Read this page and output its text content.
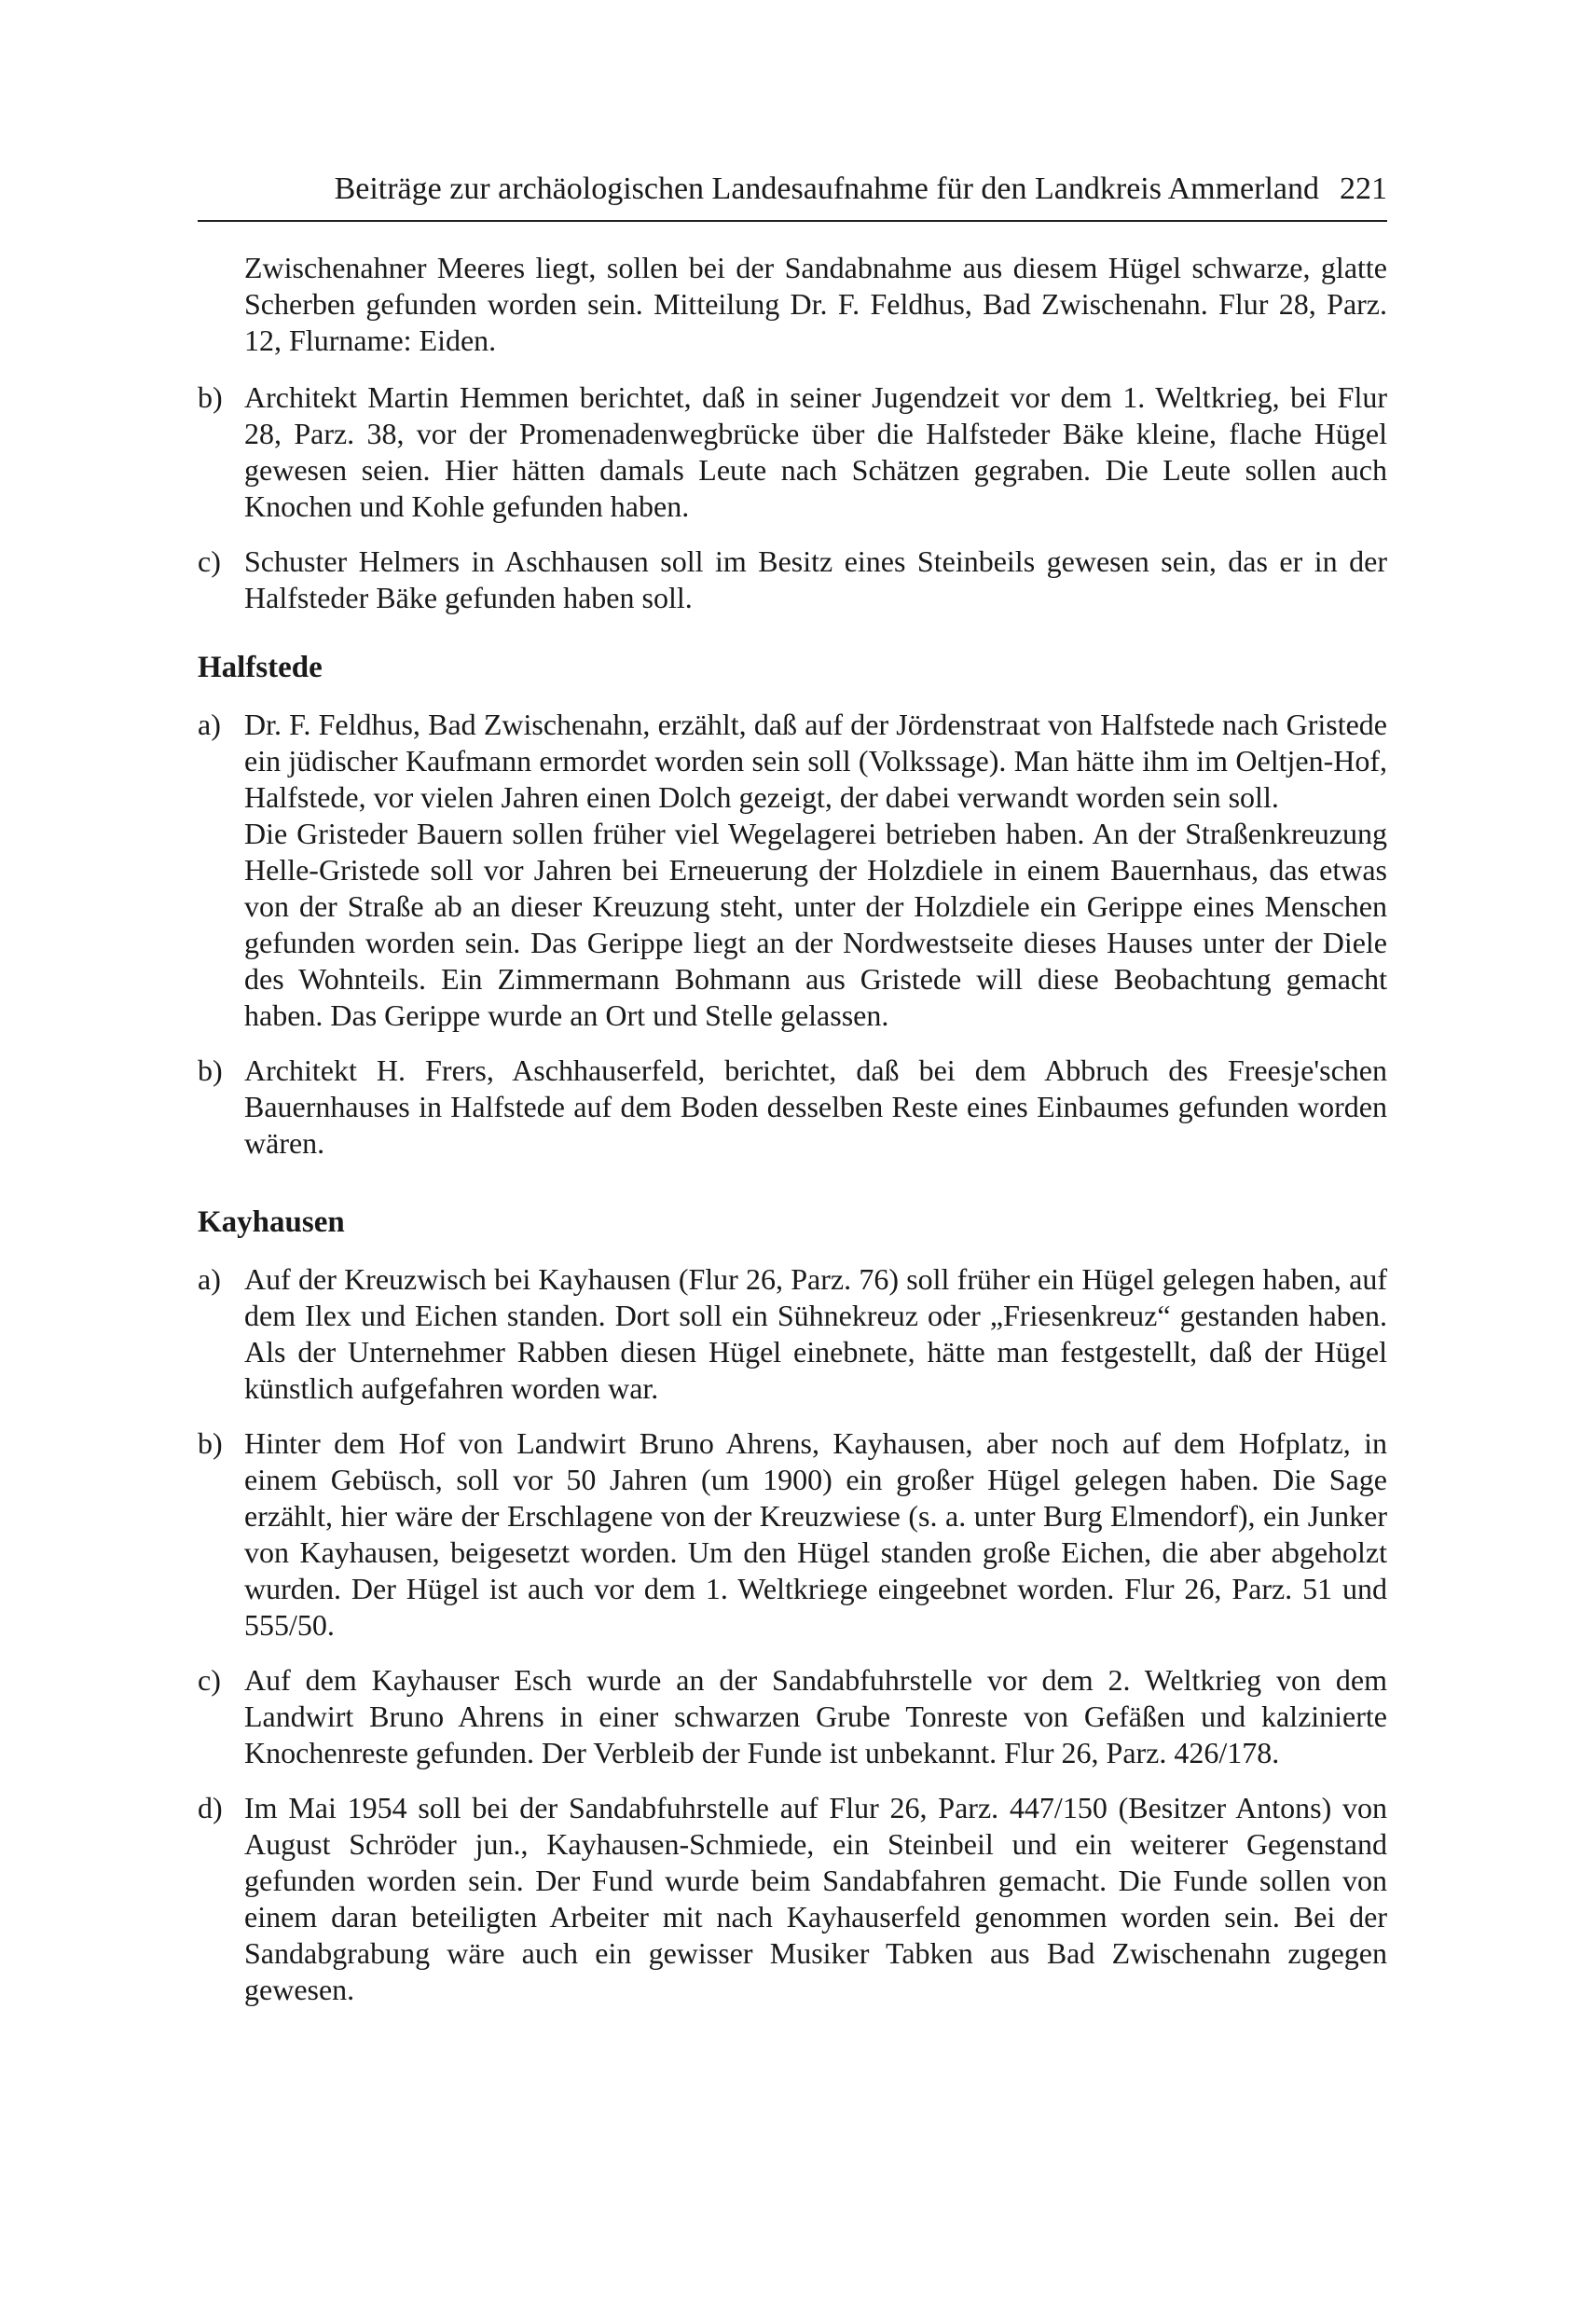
Beiträge zur archäologischen Landesaufnahme für den Landkreis Ammerland 221

Zwischenahner Meeres liegt, sollen bei der Sandabnahme aus diesem Hügel schwarze, glatte Scherben gefunden worden sein. Mitteilung Dr. F. Feldhus, Bad Zwischenahn. Flur 28, Parz. 12, Flurname: Eiden.

b) Architekt Martin Hemmen berichtet, daß in seiner Jugendzeit vor dem 1. Weltkrieg, bei Flur 28, Parz. 38, vor der Promenadenwegbrücke über die Halfsteder Bäke kleine, flache Hügel gewesen seien. Hier hätten damals Leute nach Schätzen gegraben. Die Leute sollen auch Knochen und Kohle gefunden haben.

c) Schuster Helmers in Aschhausen soll im Besitz eines Steinbeils gewesen sein, das er in der Halfsteder Bäke gefunden haben soll.

Halfstede
a) Dr. F. Feldhus, Bad Zwischenahn, erzählt, daß auf der Jördenstraat von Halfstede nach Gristede ein jüdischer Kaufmann ermordet worden sein soll (Volkssage). Man hätte ihm im Oeltjen-Hof, Halfstede, vor vielen Jahren einen Dolch gezeigt, der dabei verwandt worden sein soll.

Die Gristeder Bauern sollen früher viel Wegelagerei betrieben haben. An der Straßenkreuzung Helle-Gristede soll vor Jahren bei Erneuerung der Holzdiele in einem Bauernhaus, das etwas von der Straße ab an dieser Kreuzung steht, unter der Holzdiele ein Gerippe eines Menschen gefunden worden sein. Das Gerippe liegt an der Nordwestseite dieses Hauses unter der Diele des Wohnteils. Ein Zimmermann Bohmann aus Gristede will diese Beobachtung gemacht haben. Das Gerippe wurde an Ort und Stelle gelassen.

b) Architekt H. Frers, Aschhauserfeld, berichtet, daß bei dem Abbruch des Freesje'schen Bauernhauses in Halfstede auf dem Boden desselben Reste eines Einbaumes gefunden worden wären.

Kayhausen
a) Auf der Kreuzwisch bei Kayhausen (Flur 26, Parz. 76) soll früher ein Hügel gelegen haben, auf dem Ilex und Eichen standen. Dort soll ein Sühnekreuz oder „Friesenkreuz“ gestanden haben. Als der Unternehmer Rabben diesen Hügel einebnete, hätte man festgestellt, daß der Hügel künstlich aufgefahren worden war.

b) Hinter dem Hof von Landwirt Bruno Ahrens, Kayhausen, aber noch auf dem Hofplatz, in einem Gebüsch, soll vor 50 Jahren (um 1900) ein großer Hügel gelegen haben. Die Sage erzählt, hier wäre der Erschlagene von der Kreuzwiese (s. a. unter Burg Elmendorf), ein Junker von Kayhausen, beigesetzt worden. Um den Hügel standen große Eichen, die aber abgeholzt wurden. Der Hügel ist auch vor dem 1. Weltkriege eingeebnet worden. Flur 26, Parz. 51 und 555/50.

c) Auf dem Kayhauser Esch wurde an der Sandabfuhrstelle vor dem 2. Weltkrieg von dem Landwirt Bruno Ahrens in einer schwarzen Grube Tonreste von Gefäßen und kalzinierte Knochenreste gefunden. Der Verbleib der Funde ist unbekannt. Flur 26, Parz. 426/178.

d) Im Mai 1954 soll bei der Sandabfuhrstelle auf Flur 26, Parz. 447/150 (Besitzer Antons) von August Schröder jun., Kayhausen-Schmiede, ein Steinbeil und ein weiterer Gegenstand gefunden worden sein. Der Fund wurde beim Sandabfahren gemacht. Die Funde sollen von einem daran beteiligten Arbeiter mit nach Kayhauserfeld genommen worden sein. Bei der Sandabgrabung wäre auch ein gewisser Musiker Tabken aus Bad Zwischenahn zugegen gewesen.
